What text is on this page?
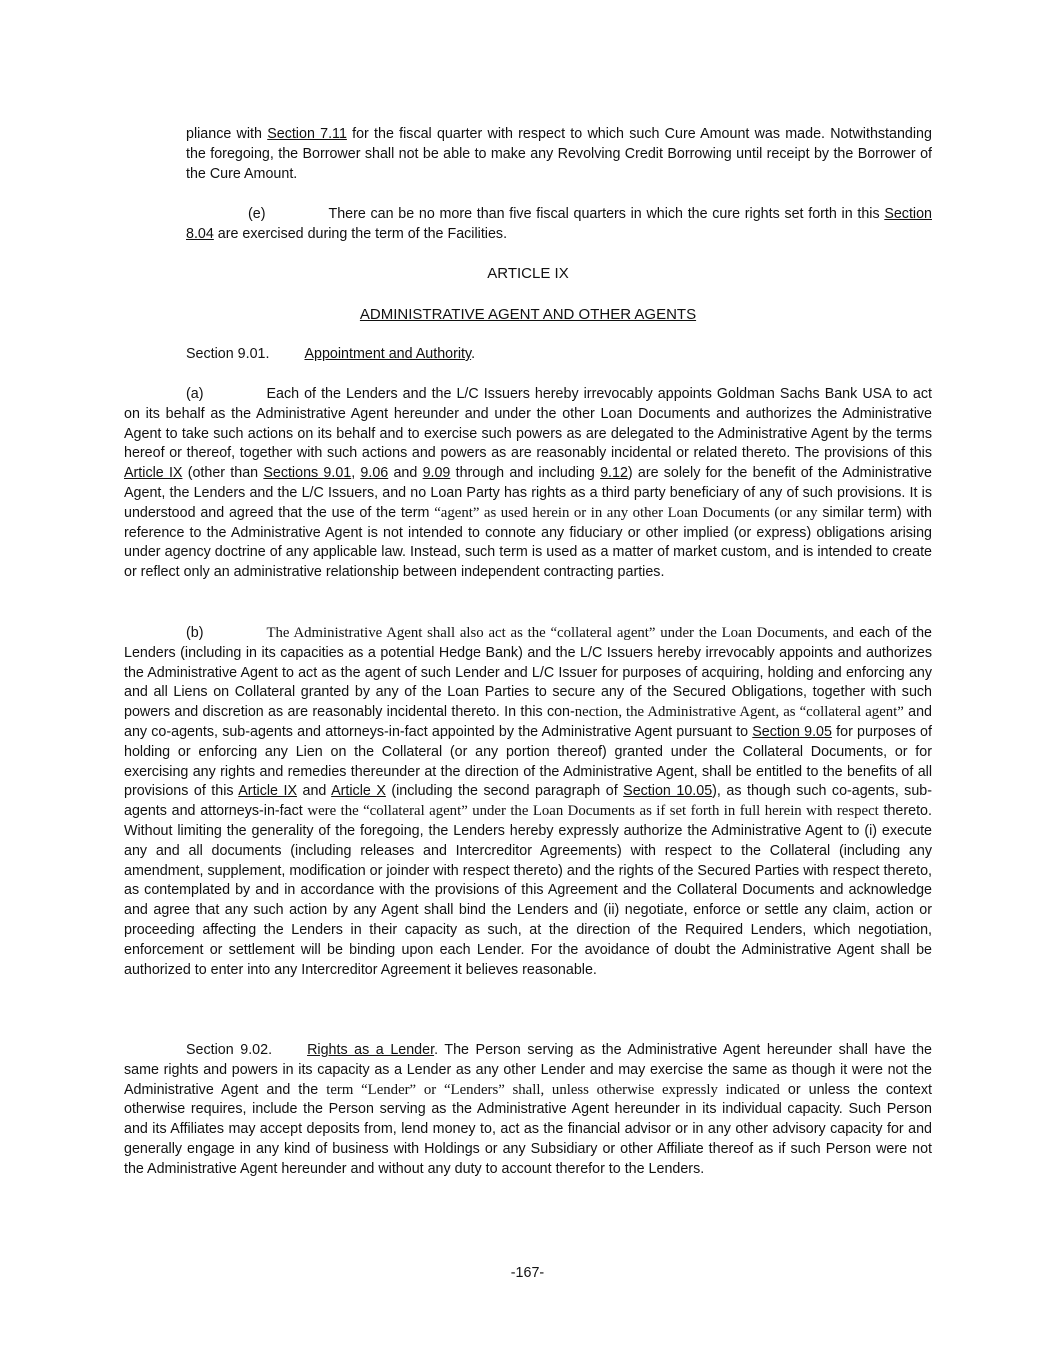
pliance with Section 7.11 for the fiscal quarter with respect to which such Cure Amount was made. Notwithstanding the foregoing, the Borrower shall not be able to make any Revolving Credit Borrowing until receipt by the Borrower of the Cure Amount.

(e)	There can be no more than five fiscal quarters in which the cure rights set forth in this Section 8.04 are exercised during the term of the Facilities.

ARTICLE IX
ADMINISTRATIVE AGENT AND OTHER AGENTS

Section 9.01. Appointment and Authority.

(a)	Each of the Lenders and the L/C Issuers hereby irrevocably appoints Goldman Sachs Bank USA to act on its behalf as the Administrative Agent hereunder and under the other Loan Documents and authorizes the Administrative Agent to take such actions on its behalf and to exercise such powers as are delegated to the Administrative Agent by the terms hereof or thereof, together with such actions and powers as are reasonably incidental or related thereto. The provisions of this Article IX (other than Sections 9.01, 9.06 and 9.09 through and including 9.12) are solely for the benefit of the Administrative Agent, the Lenders and the L/C Issuers, and no Loan Party has rights as a third party beneficiary of any of such provisions. It is understood and agreed that the use of the term “agent” as used herein or in any other Loan Documents (or any similar term) with reference to the Administrative Agent is not intended to connote any fiduciary or other implied (or express) obligations arising under agency doctrine of any applicable law. Instead, such term is used as a matter of market custom, and is intended to create or reflect only an administrative relationship between independent contracting parties.

(b)	The Administrative Agent shall also act as the “collateral agent” under the Loan Documents, and each of the Lenders (including in its capacities as a potential Hedge Bank) and the L/C Issuers hereby irrevocably appoints and authorizes the Administrative Agent to act as the agent of such Lender and L/C Issuer for purposes of acquiring, holding and enforcing any and all Liens on Collateral granted by any of the Loan Parties to secure any of the Secured Obligations, together with such powers and discretion as are reasonably incidental thereto. In this con-nection, the Administrative Agent, as “collateral agent” and any co-agents, sub-agents and attorneys-in-fact appointed by the Administrative Agent pursuant to Section 9.05 for purposes of holding or enforcing any Lien on the Collateral (or any portion thereof) granted under the Collateral Documents, or for exercising any rights and remedies thereunder at the direction of the Administrative Agent, shall be entitled to the benefits of all provisions of this Article IX and Article X (including the second paragraph of Section 10.05), as though such co-agents, sub-agents and attorneys-in-fact were the “collateral agent” under the Loan Documents as if set forth in full herein with respect thereto. Without limiting the generality of the foregoing, the Lenders hereby expressly authorize the Administrative Agent to (i) execute any and all documents (including releases and Intercreditor Agreements) with respect to the Collateral (including any amendment, supplement, modification or joinder with respect thereto) and the rights of the Secured Parties with respect thereto, as contemplated by and in accordance with the provisions of this Agreement and the Collateral Documents and acknowledge and agree that any such action by any Agent shall bind the Lenders and (ii) negotiate, enforce or settle any claim, action or proceeding affecting the Lenders in their capacity as such, at the direction of the Required Lenders, which negotiation, enforcement or settlement will be binding upon each Lender. For the avoidance of doubt the Administrative Agent shall be authorized to enter into any Intercreditor Agreement it believes reasonable.

Section 9.02. Rights as a Lender. The Person serving as the Administrative Agent hereunder shall have the same rights and powers in its capacity as a Lender as any other Lender and may exercise the same as though it were not the Administrative Agent and the term “Lender” or “Lenders” shall, unless otherwise expressly indicated or unless the context otherwise requires, include the Person serving as the Administrative Agent hereunder in its individual capacity. Such Person and its Affiliates may accept deposits from, lend money to, act as the financial advisor or in any other advisory capacity for and generally engage in any kind of business with Holdings or any Subsidiary or other Affiliate thereof as if such Person were not the Administrative Agent hereunder and without any duty to account therefor to the Lenders.

-167-
